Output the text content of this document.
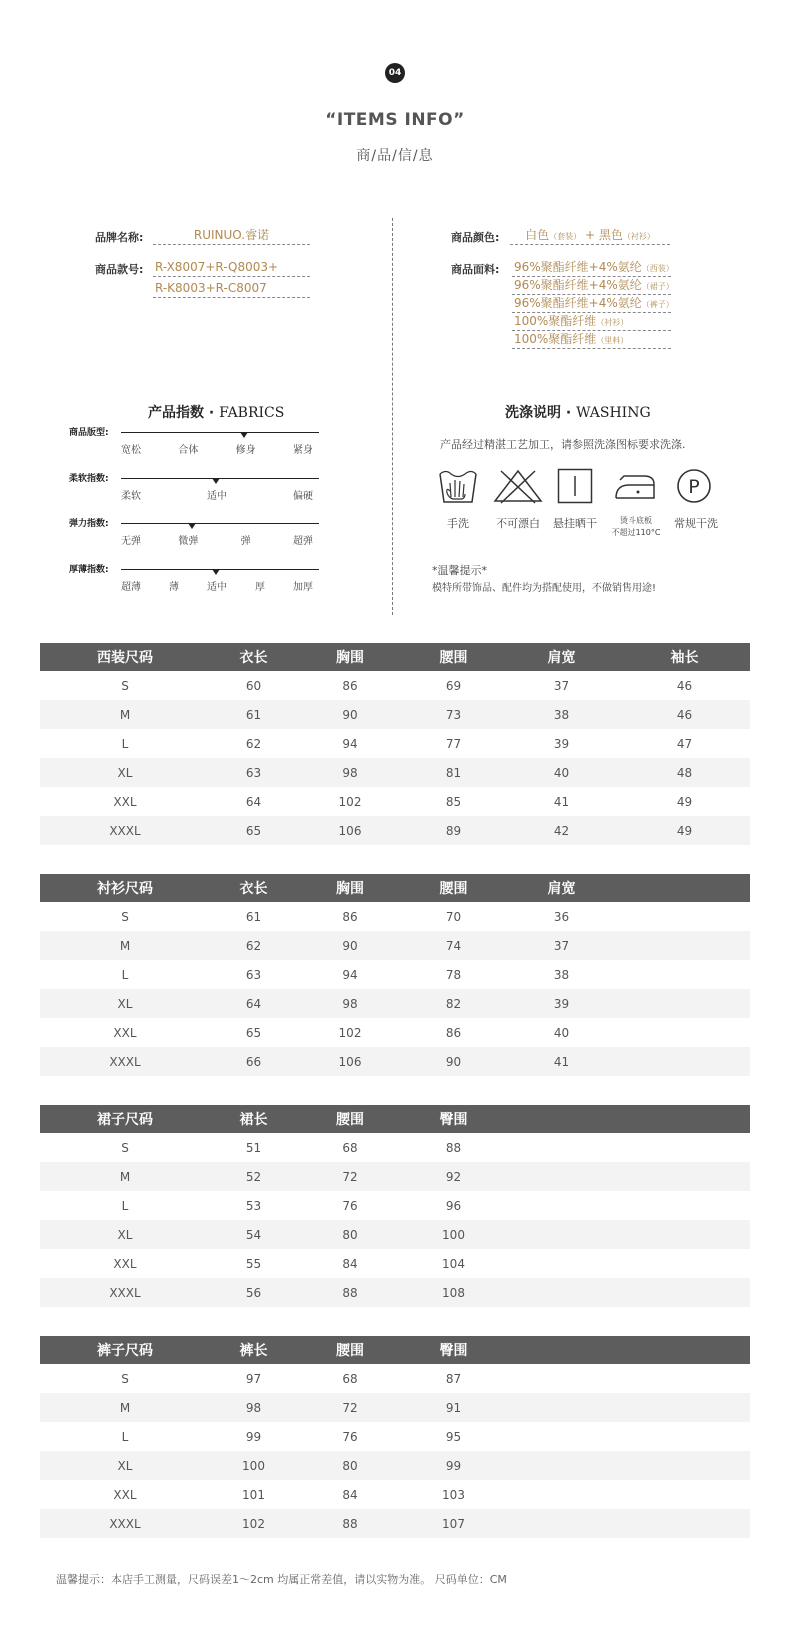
04
“ITEMS INFO”
商/品/信/息
品牌名称:	RUINUO.睿诺
商品款号: R-X8007+R-Q8003+
R-K8003+R-C8007
商品颜色:	白色（套装） + 黑色（衬衫）
商品面料: 96%聚酯纤维+4%氨纶（西装）
96%聚酯纤维+4%氨纶（裙子）
96%聚酯纤维+4%氨纶（裤子）
100%聚酯纤维（衬衫）
100%聚酯纤维（里料）
产品指数 · FABRICS
商品版型:
宽松	合体	修身	紧身
柔软指数:
柔软	适中	偏硬
弹力指数:
无弹	微弹	弹	超弹
厚薄指数:
超薄	薄	适中	厚	加厚
洗涤说明 · WASHING
产品经过精湛工艺加工，请参照洗涤图标要求洗涤.
手洗 不可漂白 悬挂晒干	烫斗底板
不超过110°C
P
常规干洗
*温馨提示*
模特所带饰品、配件均为搭配使用，不做销售用途!
西装尺码	衣长	胸围	腰围	肩宽	袖长
S	60	86	69	37	46
M	61	90	73	38	46
L	62	94	77	39	47
XL	63	98	81	40	48
XXL	64	102	85	41	49
XXXL	65	106	89	42	49
衬衫尺码	衣长	胸围	腰围	肩宽	
S	61	86	70	36	
M	62	90	74	37	
L	63	94	78	38	
XL	64	98	82	39	
XXL	65	102	86	40	
XXXL	66	106	90	41	
裙子尺码	裙长	腰围	臀围		
S	51	68	88		
M	52	72	92		
L	53	76	96		
XL	54	80	100		
XXL	55	84	104		
XXXL	56	88	108		
裤子尺码	裤长	腰围	臀围		
S	97	68	87		
M	98	72	91		
L	99	76	95		
XL	100	80	99		
XXL	101	84	103		
XXXL	102	88	107		
温馨提示：本店手工测量，尺码误差1～2cm 均属正常差值，请以实物为准。 尺码单位：CM
